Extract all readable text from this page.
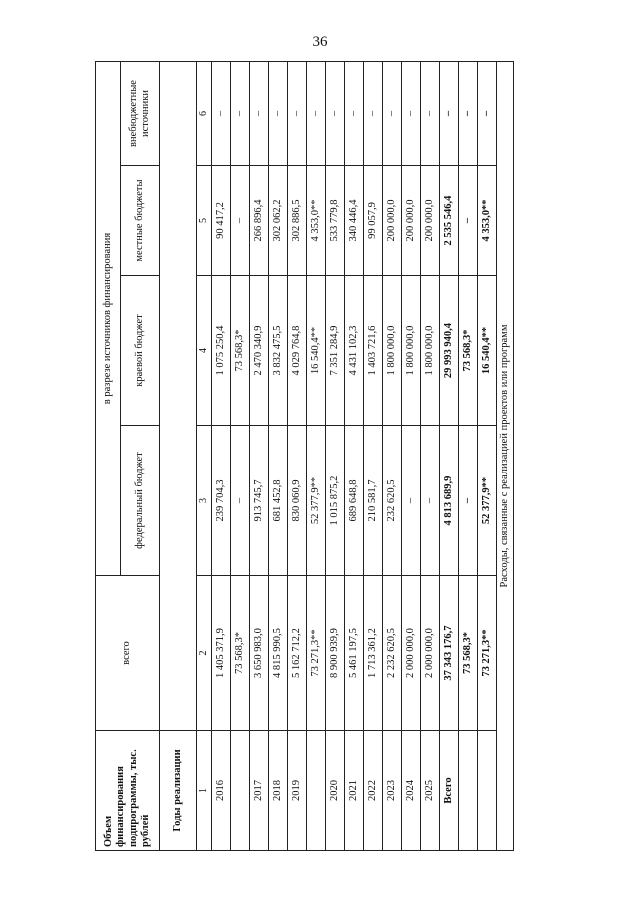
36
Объем финансирования подпрограммы, тыс. рублей	всего	в разрезе источников финансирования			
		федеральный бюджет	краевой бюджет	местные бюджеты	внебюджетные источники
Годы реализации					
1	2	3	4	5	6
2016	1 405 371,9	239 704,3	1 075 250,4	90 417,2	–
	73 568,3*	–	73 568,3*	–	–
2017	3 650 983,0	913 745,7	2 470 340,9	266 896,4	–
2018	4 815 990,5	681 452,8	3 832 475,5	302 062,2	–
2019	5 162 712,2	830 060,9	4 029 764,8	302 886,5	–
	73 271,3**	52 377,9**	16 540,4**	4 353,0**	–
2020	8 900 939,9	1 015 875,2	7 351 284,9	533 779,8	–
2021	5 461 197,5	689 648,8	4 431 102,3	340 446,4	–
2022	1 713 361,2	210 581,7	1 403 721,6	99 057,9	–
2023	2 232 620,5	232 620,5	1 800 000,0	200 000,0	–
2024	2 000 000,0	–	1 800 000,0	200 000,0	–
2025	2 000 000,0	–	1 800 000,0	200 000,0	–
Всего	37 343 176,7	4 813 689,9	29 993 940,4	2 535 546,4	–
	73 568,3*	–	73 568,3*	–	–
	73 271,3**	52 377,9**	16 540,4**	4 353,0**	–
Расходы, связанные с реализацией проектов или программ					
